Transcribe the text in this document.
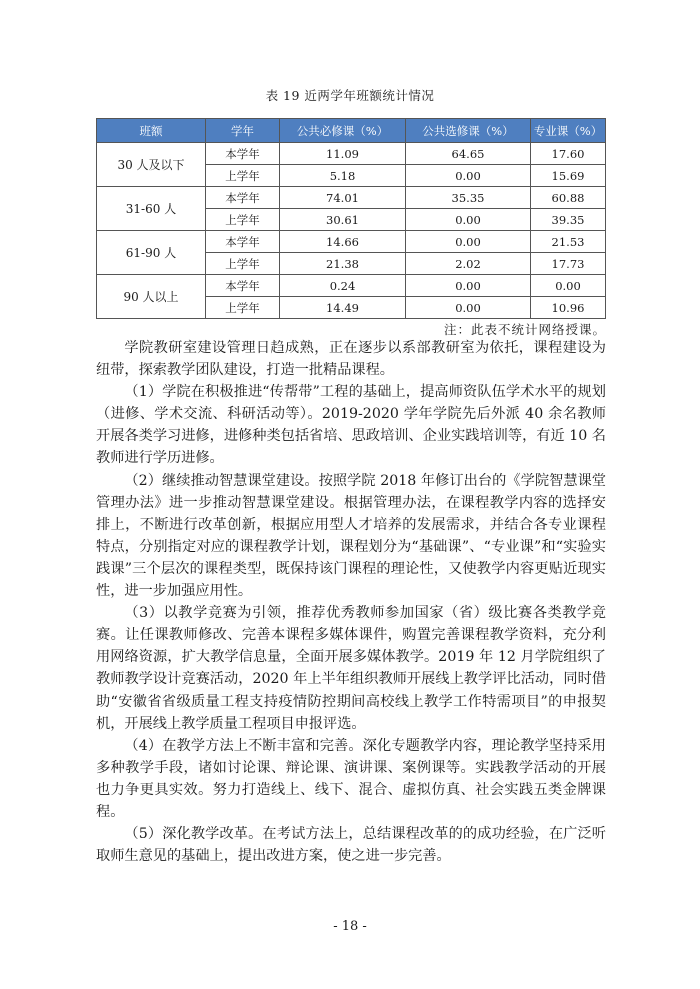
表 19 近两学年班额统计情况
班额	学年	公共必修课（%）	公共选修课（%）	专业课（%）
30 人及以下	本学年	11.09	64.65	17.60
	上学年	5.18	0.00	15.69
31-60 人	本学年	74.01	35.35	60.88
	上学年	30.61	0.00	39.35
61-90 人	本学年	14.66	0.00	21.53
	上学年	21.38	2.02	17.73
90 人以上	本学年	0.24	0.00	0.00
	上学年	14.49	0.00	10.96
注：此表不统计网络授课。

学院教研室建设管理日趋成熟，正在逐步以系部教研室为依托，课程建设为纽带，探索教学团队建设，打造一批精品课程。

（1）学院在积极推进“传帮带”工程的基础上，提高师资队伍学术水平的规划（进修、学术交流、科研活动等）。2019-2020 学年学院先后外派 40 余名教师开展各类学习进修，进修种类包括省培、思政培训、企业实践培训等，有近 10 名教师进行学历进修。

（2）继续推动智慧课堂建设。按照学院 2018 年修订出台的《学院智慧课堂管理办法》进一步推动智慧课堂建设。根据管理办法，在课程教学内容的选择安排上，不断进行改革创新，根据应用型人才培养的发展需求，并结合各专业课程特点，分别指定对应的课程教学计划，课程划分为“基础课”、“专业课”和“实验实践课”三个层次的课程类型，既保持该门课程的理论性，又使教学内容更贴近现实性，进一步加强应用性。

（3）以教学竞赛为引领，推荐优秀教师参加国家（省）级比赛各类教学竞赛。让任课教师修改、完善本课程多媒体课件，购置完善课程教学资料，充分利用网络资源，扩大教学信息量，全面开展多媒体教学。2019 年 12 月学院组织了教师教学设计竞赛活动，2020 年上半年组织教师开展线上教学评比活动，同时借助“安徽省省级质量工程支持疫情防控期间高校线上教学工作特需项目”的申报契机，开展线上教学质量工程项目申报评选。

（4）在教学方法上不断丰富和完善。深化专题教学内容，理论教学坚持采用多种教学手段，诸如讨论课、辩论课、演讲课、案例课等。实践教学活动的开展也力争更具实效。努力打造线上、线下、混合、虚拟仿真、社会实践五类金牌课程。

（5）深化教学改革。在考试方法上，总结课程改革的的成功经验，在广泛听取师生意见的基础上，提出改进方案，使之进一步完善。

- 18 -
